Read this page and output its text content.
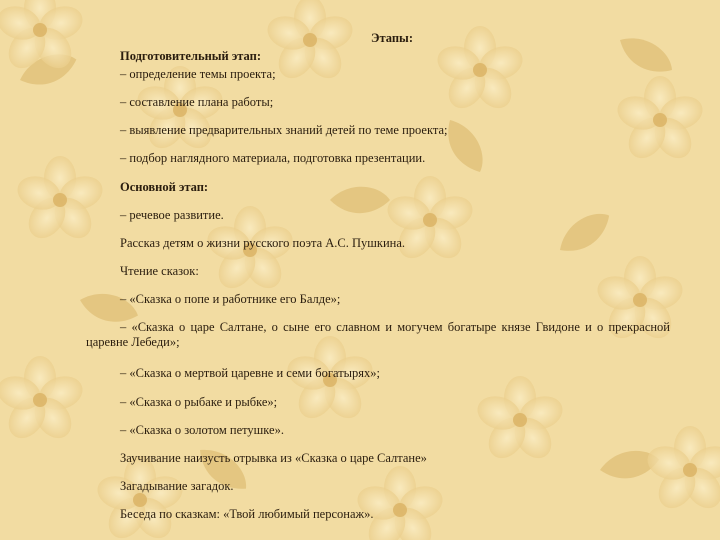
Этапы:
Подготовительный этап:
– определение темы проекта;
– составление плана работы;
– выявление предварительных знаний детей по теме проекта;
– подбор наглядного материала, подготовка презентации.
Основной этап:
– речевое развитие.
Рассказ детям о жизни русского поэта А.С. Пушкина.
Чтение сказок:
– «Сказка о попе и работнике его Балде»;
– «Сказка о царе Салтане, о сыне его славном и могучем богатыре князе Гвидоне и о прекрасной царевне Лебеди»;
– «Сказка о мертвой царевне и семи богатырях»;
– «Сказка о рыбаке и рыбке»;
– «Сказка о золотом петушке».
Заучивание наизусть отрывка из «Сказка о царе Салтане»
Загадывание загадок.
Беседа по сказкам: «Твой любимый персонаж».
